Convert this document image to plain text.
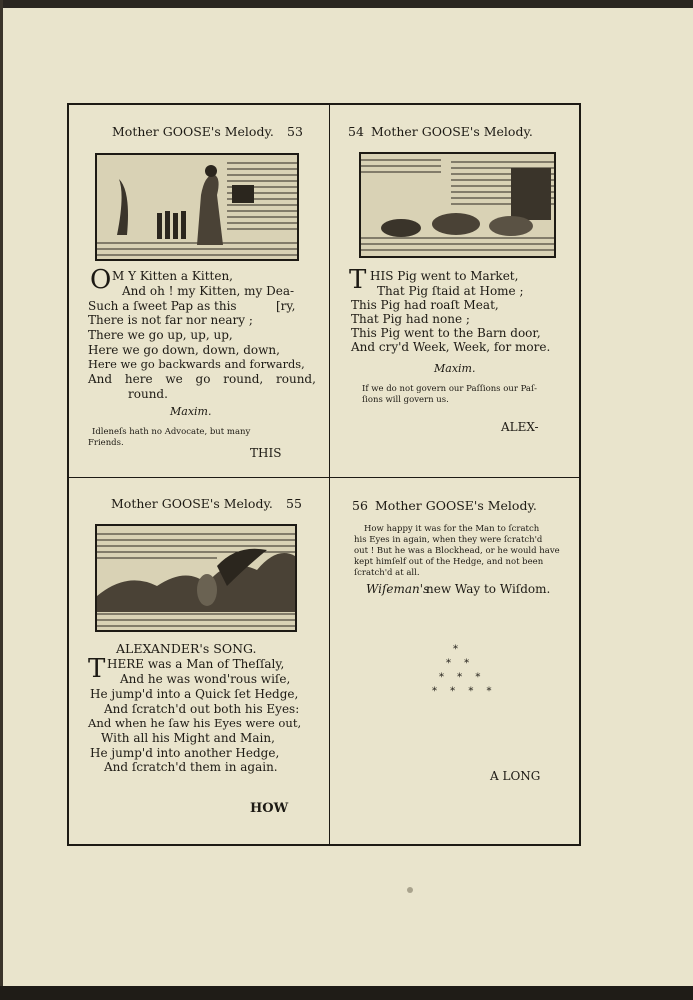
Mother GOOSE's Melody. 53
O M Y Kitten a Kitten,
And oh ! my Kitten, my Dea-
Such a ſweet Pap as this	[ry,
There is not far nor neary ;
There we go up, up, up,
Here we go down, down, down,
Here we go backwards and forwards,
And here we go round, round,
round.
Maxim.
Idleneſs hath no Advocate, but many
Friends.
THIS
54 Mother GOOSE's Melody.
T HIS Pig went to Market,
That Pig ſtaid at Home ;
This Pig had roaſt Meat,
That Pig had none ;
This Pig went to the Barn door,
And cry'd Week, Week, for more.
Maxim.
If we do not govern our Paſſions our Paſ-
ſions will govern us.
ALEX-
Mother GOOSE's Melody. 55
ALEXANDER's SONG.
T HERE was a Man of Theſſaly,
And he was wond'rous wiſe,
He jump'd into a Quick ſet Hedge,
And ſcratch'd out both his Eyes:
And when he ſaw his Eyes were out,
With all his Might and Main,
He jump'd into another Hedge,
And ſcratch'd them in again.
HOW
56 Mother GOOSE's Melody.
How happy it was for the Man to ſcratch
his Eyes in again, when they were ſcratch'd
out ! But he was a Blockhead, or he would have
kept himſelf out of the Hedge, and not been
ſcratch'd at all.
Wiſeman's
new Way to Wiſdom.
*
* *
* * *
* * * *
A LONG
